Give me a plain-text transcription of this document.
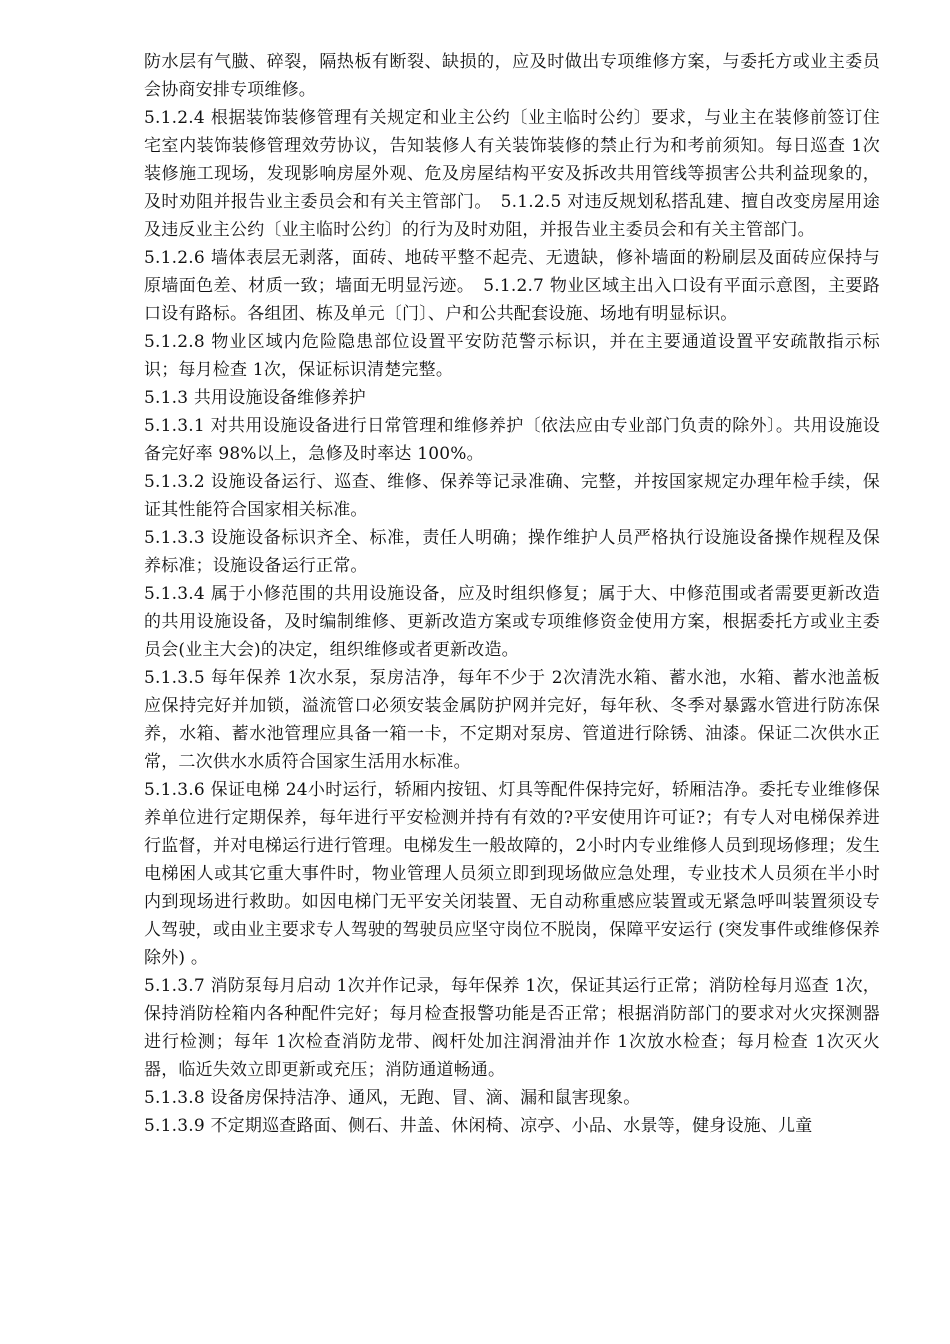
防水层有气臌、碎裂，隔热板有断裂、缺损的，应及时做出专项维修方案，与委托方或业主委员会协商安排专项维修。

5.1.2.4 根据装饰装修管理有关规定和业主公约〔业主临时公约〕要求，与业主在装修前签订住宅室内装饰装修管理效劳协议，告知装修人有关装饰装修的禁止行为和考前须知。每日巡查 1次装修施工现场，发现影响房屋外观、危及房屋结构平安及拆改共用管线等损害公共利益现象的，及时劝阻并报告业主委员会和有关主管部门。　5.1.2.5 对违反规划私搭乱建、擅自改变房屋用途及违反业主公约〔业主临时公约〕的行为及时劝阻，并报告业主委员会和有关主管部门。

5.1.2.6 墙体表层无剥落，面砖、地砖平整不起壳、无遗缺，修补墙面的粉刷层及面砖应保持与原墙面色差、材质一致；墙面无明显污迹。　5.1.2.7 物业区域主出入口设有平面示意图，主要路口设有路标。各组团、栋及单元〔门〕、户和公共配套设施、场地有明显标识。

5.1.2.8 物业区域内危险隐患部位设置平安防范警示标识，并在主要通道设置平安疏散指示标识；每月检查 1次，保证标识清楚完整。

5.1.3 共用设施设备维修养护

5.1.3.1 对共用设施设备进行日常管理和维修养护〔依法应由专业部门负责的除外〕。共用设施设备完好率 98%以上，急修及时率达 100%。

5.1.3.2 设施设备运行、巡查、维修、保养等记录准确、完整，并按国家规定办理年检手续，保证其性能符合国家相关标准。

5.1.3.3 设施设备标识齐全、标准，责任人明确；操作维护人员严格执行设施设备操作规程及保养标准；设施设备运行正常。

5.1.3.4 属于小修范围的共用设施设备，应及时组织修复；属于大、中修范围或者需要更新改造的共用设施设备，及时编制维修、更新改造方案或专项维修资金使用方案，根据委托方或业主委员会(业主大会)的决定，组织维修或者更新改造。

5.1.3.5 每年保养 1次水泵，泵房洁净，每年不少于 2次清洗水箱、蓄水池，水箱、蓄水池盖板应保持完好并加锁，溢流管口必须安装金属防护网并完好，每年秋、冬季对暴露水管进行防冻保养，水箱、蓄水池管理应具备一箱一卡，不定期对泵房、管道进行除锈、油漆。保证二次供水正常，二次供水水质符合国家生活用水标准。

5.1.3.6 保证电梯 24小时运行，轿厢内按钮、灯具等配件保持完好，轿厢洁净。委托专业维修保养单位进行定期保养，每年进行平安检测并持有有效的?平安使用许可证?；有专人对电梯保养进行监督，并对电梯运行进行管理。电梯发生一般故障的，2小时内专业维修人员到现场修理；发生电梯困人或其它重大事件时，物业管理人员须立即到现场做应急处理，专业技术人员须在半小时内到现场进行救助。如因电梯门无平安关闭装置、无自动称重感应装置或无紧急呼叫装置须设专人驾驶，或由业主要求专人驾驶的驾驶员应坚守岗位不脱岗，保障平安运行 (突发事件或维修保养除外) 。

5.1.3.7 消防泵每月启动 1次并作记录，每年保养 1次，保证其运行正常；消防栓每月巡查 1次，保持消防栓箱内各种配件完好；每月检查报警功能是否正常；根据消防部门的要求对火灾探测器进行检测；每年 1次检查消防龙带、阀杆处加注润滑油并作 1次放水检查；每月检查 1次灭火器，临近失效立即更新或充压；消防通道畅通。

5.1.3.8 设备房保持洁净、通风，无跑、冒、滴、漏和鼠害现象。

5.1.3.9 不定期巡查路面、侧石、井盖、休闲椅、凉亭、小品、水景等，健身设施、儿童
